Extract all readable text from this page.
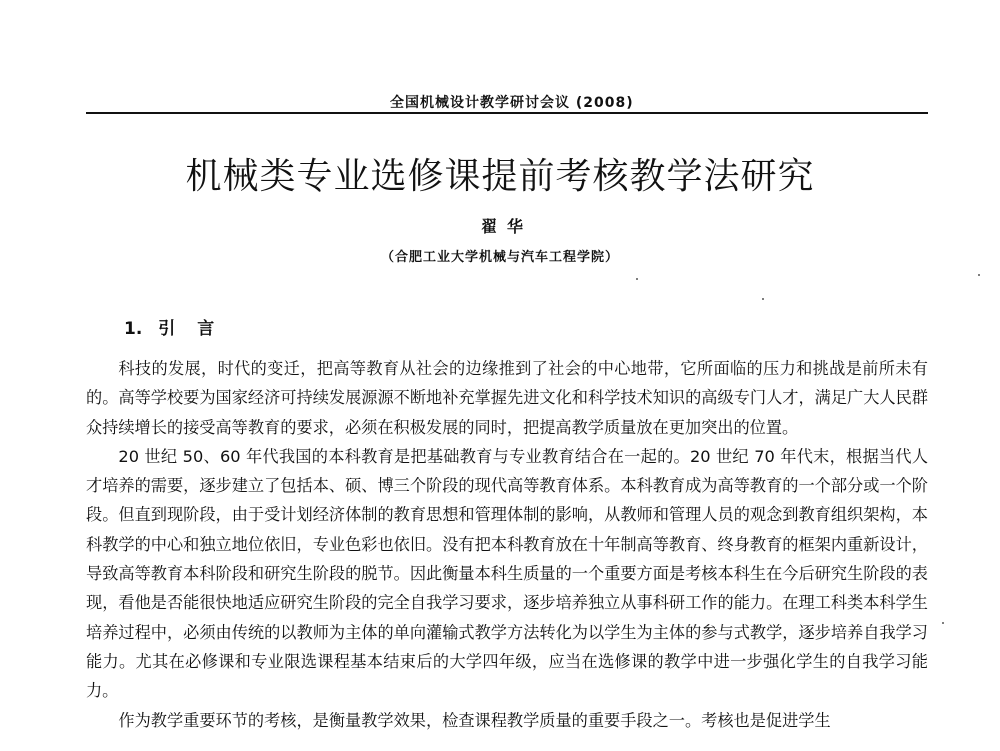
全国机械设计教学研讨会议 (2008)
机械类专业选修课提前考核教学法研究
翟华
（合肥工业大学机械与汽车工程学院）
1. 引言

科技的发展，时代的变迁，把高等教育从社会的边缘推到了社会的中心地带，它所面临的压力和挑战是前所未有的。高等学校要为国家经济可持续发展源源不断地补充掌握先进文化和科学技术知识的高级专门人才，满足广大人民群众持续增长的接受高等教育的要求，必须在积极发展的同时，把提高教学质量放在更加突出的位置。

20 世纪 50、60 年代我国的本科教育是把基础教育与专业教育结合在一起的。20 世纪 70 年代末，根据当代人才培养的需要，逐步建立了包括本、硕、博三个阶段的现代高等教育体系。本科教育成为高等教育的一个部分或一个阶段。但直到现阶段，由于受计划经济体制的教育思想和管理体制的影响，从教师和管理人员的观念到教育组织架构，本科教学的中心和独立地位依旧，专业色彩也依旧。没有把本科教育放在十年制高等教育、终身教育的框架内重新设计，导致高等教育本科阶段和研究生阶段的脱节。因此衡量本科生质量的一个重要方面是考核本科生在今后研究生阶段的表现，看他是否能很快地适应研究生阶段的完全自我学习要求，逐步培养独立从事科研工作的能力。在理工科类本科学生培养过程中，必须由传统的以教师为主体的单向灌输式教学方法转化为以学生为主体的参与式教学，逐步培养自我学习能力。尤其在必修课和专业限选课程基本结束后的大学四年级，应当在选修课的教学中进一步强化学生的自我学习能力。

作为教学重要环节的考核，是衡量教学效果，检查课程教学质量的重要手段之一。考核也是促进学生
